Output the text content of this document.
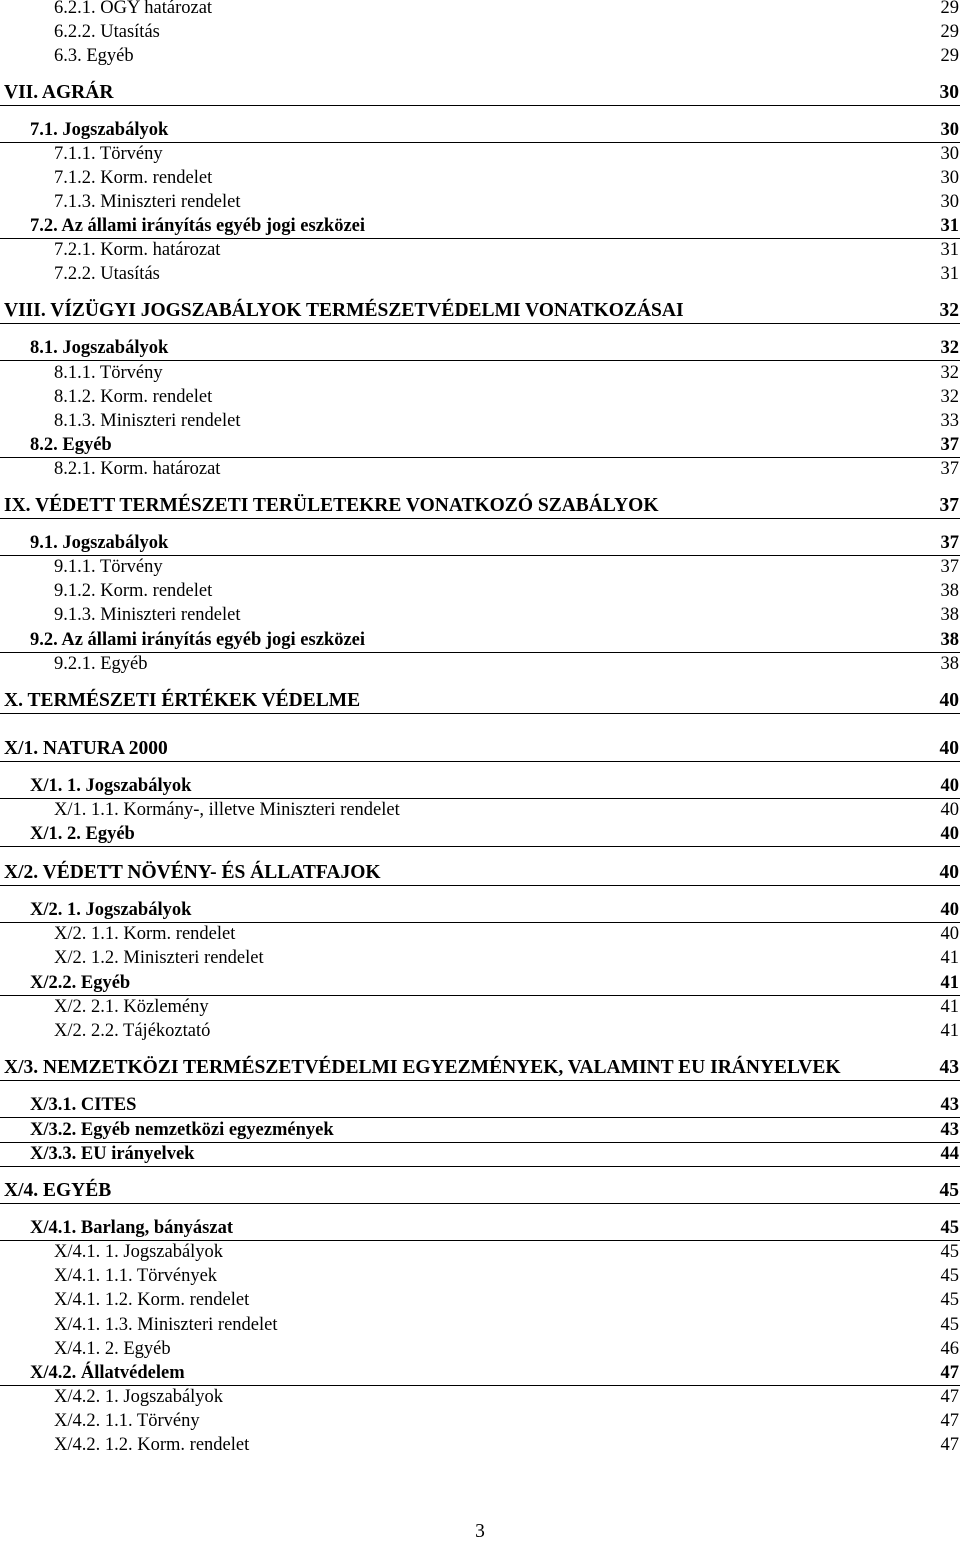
6.2.1. OGY határozat	29
6.2.2. Utasítás	29
6.3. Egyéb	29
VII. AGRÁR	30
7.1. Jogszabályok	30
7.1.1. Törvény	30
7.1.2. Korm. rendelet	30
7.1.3. Miniszteri rendelet	30
7.2. Az állami irányítás egyéb jogi eszközei	31
7.2.1. Korm. határozat	31
7.2.2. Utasítás	31
VIII. VÍZÜGYI JOGSZABÁLYOK TERMÉSZETVÉDELMI VONATKOZÁSAI	32
8.1. Jogszabályok	32
8.1.1. Törvény	32
8.1.2. Korm. rendelet	32
8.1.3. Miniszteri rendelet	33
8.2. Egyéb	37
8.2.1. Korm. határozat	37
IX. VÉDETT TERMÉSZETI TERÜLETEKRE VONATKOZÓ SZABÁLYOK	37
9.1. Jogszabályok	37
9.1.1. Törvény	37
9.1.2. Korm. rendelet	38
9.1.3. Miniszteri rendelet	38
9.2. Az állami irányítás egyéb jogi eszközei	38
9.2.1. Egyéb	38
X. TERMÉSZETI ÉRTÉKEK VÉDELME	40
X/1. NATURA 2000	40
X/1. 1. Jogszabályok	40
X/1. 1.1. Kormány-, illetve Miniszteri rendelet	40
X/1. 2. Egyéb	40
X/2. VÉDETT NÖVÉNY- ÉS ÁLLATFAJOK	40
X/2. 1. Jogszabályok	40
X/2. 1.1. Korm. rendelet	40
X/2. 1.2. Miniszteri rendelet	41
X/2.2. Egyéb	41
X/2. 2.1. Közlemény	41
X/2. 2.2. Tájékoztató	41
X/3. NEMZETKÖZI TERMÉSZETVÉDELMI EGYEZMÉNYEK, VALAMINT EU IRÁNYELVEK	43
X/3.1. CITES	43
X/3.2. Egyéb nemzetközi egyezmények	43
X/3.3. EU irányelvek	44
X/4. EGYÉB	45
X/4.1. Barlang, bányászat	45
X/4.1. 1. Jogszabályok	45
X/4.1. 1.1. Törvények	45
X/4.1. 1.2. Korm. rendelet	45
X/4.1. 1.3. Miniszteri rendelet	45
X/4.1. 2. Egyéb	46
X/4.2. Állatvédelem	47
X/4.2. 1. Jogszabályok	47
X/4.2. 1.1. Törvény	47
X/4.2. 1.2. Korm. rendelet	47
3
